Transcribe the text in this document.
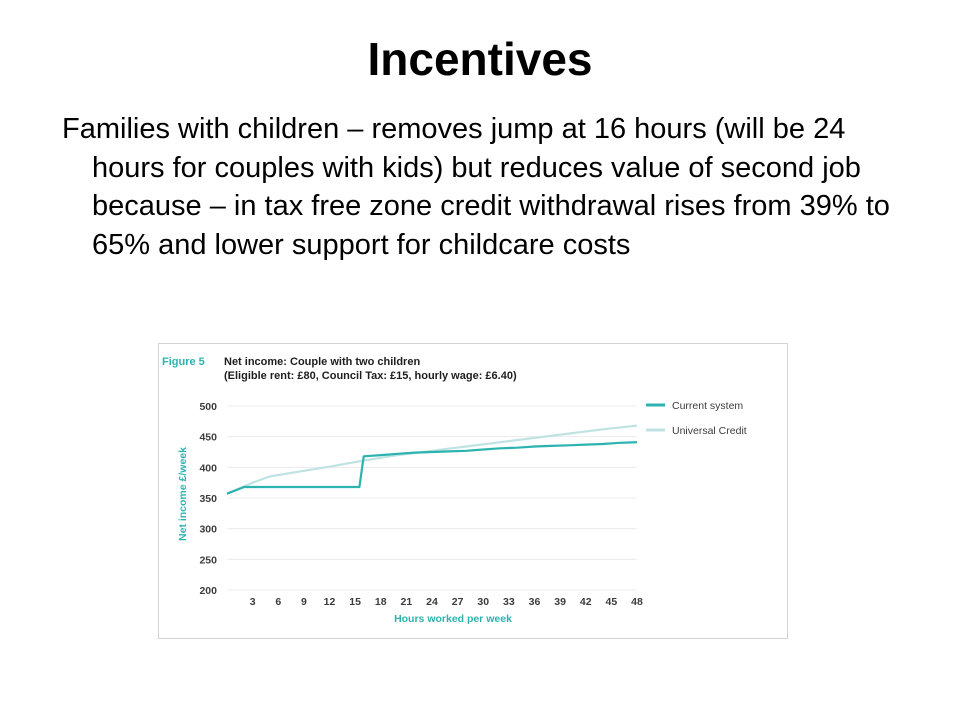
Incentives
Families with children – removes jump at 16 hours (will be 24 hours for couples with kids) but reduces value of second job because – in tax free zone credit withdrawal rises from 39% to 65% and lower support for childcare costs
Figure 5 Net income: Couple with two children
(Eligible rent: £80, Council Tax: £15, hourly wage: £6.40)
200
250
300
350
400
450
500
3 6 9 12 15 18 21 24 27 30 33 36 39 42 45 48
Hours worked per week
Net income £/week
Current system
Universal Credit
